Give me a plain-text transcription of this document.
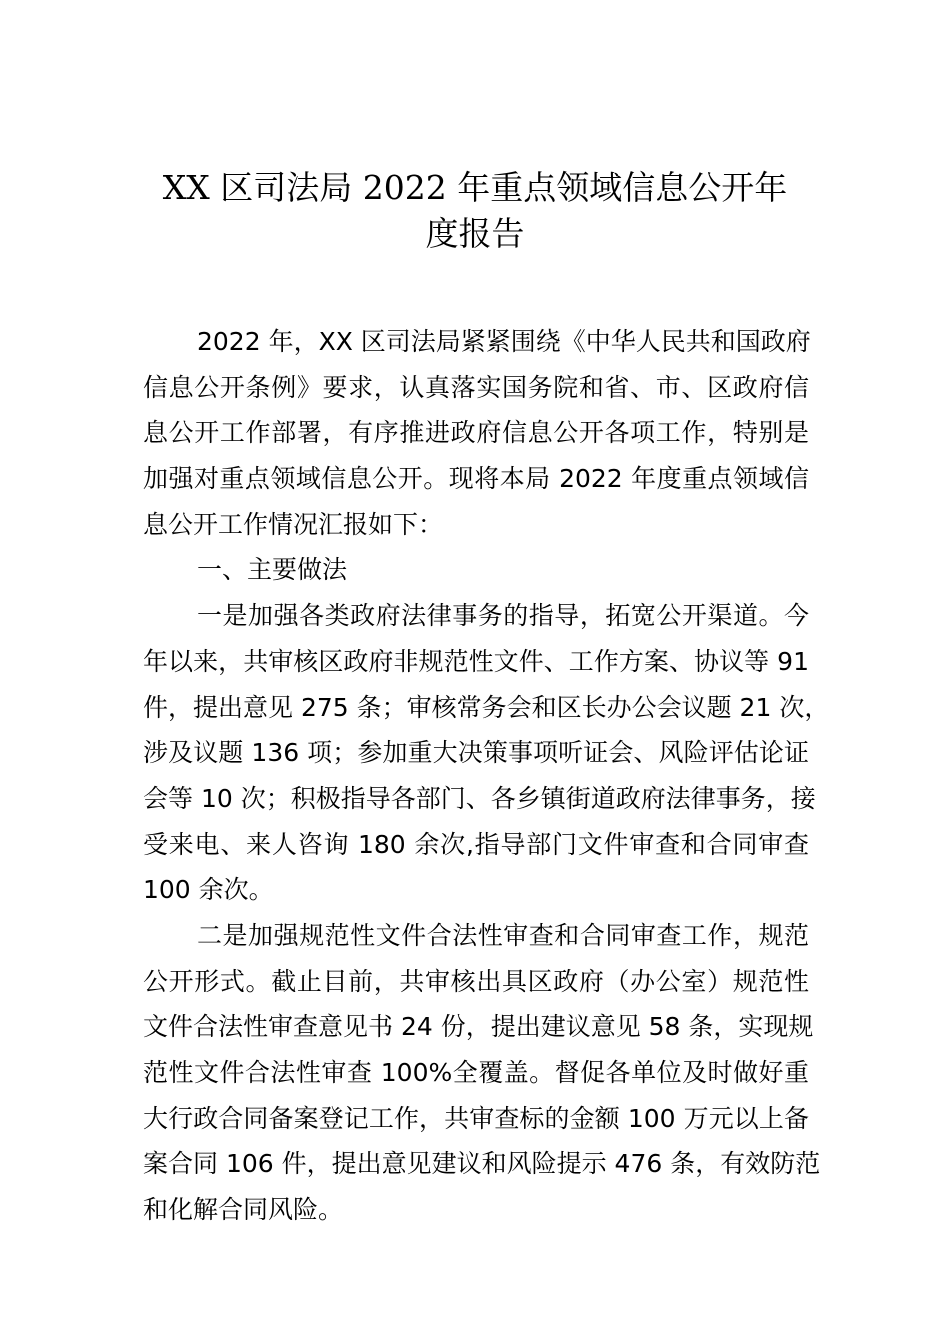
XX 区司法局 2022 年重点领域信息公开年
度报告
2022 年，XX 区司法局紧紧围绕《中华人民共和国政府
信息公开条例》要求，认真落实国务院和省、市、区政府信
息公开工作部署，有序推进政府信息公开各项工作，特别是
加强对重点领域信息公开。现将本局 2022 年度重点领域信
息公开工作情况汇报如下：
一、主要做法
一是加强各类政府法律事务的指导，拓宽公开渠道。今
年以来，共审核区政府非规范性文件、工作方案、协议等 91
件，提出意见 275 条；审核常务会和区长办公会议题 21 次，
涉及议题 136 项；参加重大决策事项听证会、风险评估论证
会等 10 次；积极指导各部门、各乡镇街道政府法律事务，接
受来电、来人咨询 180 余次,指导部门文件审查和合同审查
100 余次。
二是加强规范性文件合法性审查和合同审查工作，规范
公开形式。截止目前，共审核出具区政府（办公室）规范性
文件合法性审查意见书 24 份，提出建议意见 58 条，实现规
范性文件合法性审查 100%全覆盖。督促各单位及时做好重
大行政合同备案登记工作，共审查标的金额 100 万元以上备
案合同 106 件，提出意见建议和风险提示 476 条，有效防范
和化解合同风险。
